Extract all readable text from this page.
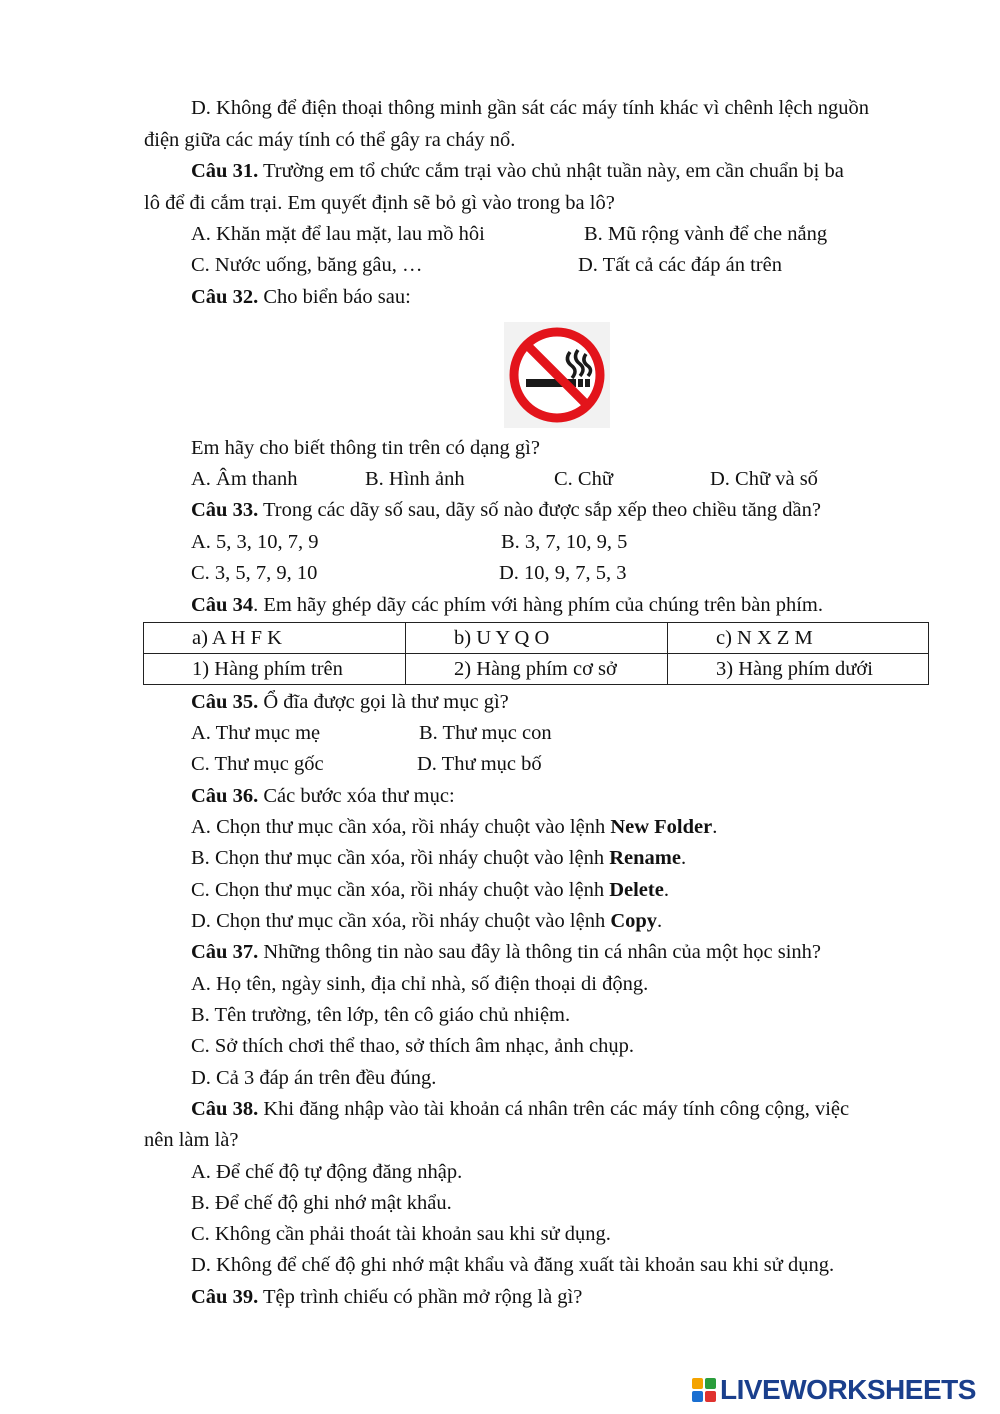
D. Không để điện thoại thông minh gần sát các máy tính khác vì chênh lệch nguồn
điện giữa các máy tính có thể gây ra cháy nổ.
Câu 31. Trường em tổ chức cắm trại vào chủ nhật tuần này, em cần chuẩn bị ba
lô để đi cắm trại. Em quyết định sẽ bỏ gì vào trong ba lô?
A. Khăn mặt để lau mặt, lau mồ hôi	B. Mũ rộng vành để che nắng
C. Nước uống, băng gâu, …	D. Tất cả các đáp án trên
Câu 32. Cho biển báo sau:
Em hãy cho biết thông tin trên có dạng gì?
A. Âm thanh	B. Hình ảnh	C. Chữ	D. Chữ và số
Câu 33. Trong các dãy số sau, dãy số nào được sắp xếp theo chiều tăng dần?
A. 5, 3, 10, 7, 9	B. 3, 7, 10, 9, 5
C. 3, 5, 7, 9, 10	D. 10, 9, 7, 5, 3
Câu 34. Em hãy ghép dãy các phím với hàng phím của chúng trên bàn phím.
a) A H F K	b) U Y Q O	c) N X Z M
1) Hàng phím trên	2) Hàng phím cơ sở	3) Hàng phím dưới
Câu 35. Ổ đĩa được gọi là thư mục gì?
A. Thư mục mẹ	B. Thư mục con
C. Thư mục gốc	D. Thư mục bố
Câu 36. Các bước xóa thư mục:
A. Chọn thư mục cần xóa, rồi nháy chuột vào lệnh New Folder.
B. Chọn thư mục cần xóa, rồi nháy chuột vào lệnh Rename.
C. Chọn thư mục cần xóa, rồi nháy chuột vào lệnh Delete.
D. Chọn thư mục cần xóa, rồi nháy chuột vào lệnh Copy.
Câu 37. Những thông tin nào sau đây là thông tin cá nhân của một học sinh?
A. Họ tên, ngày sinh, địa chỉ nhà, số điện thoại di động.
B. Tên trường, tên lớp, tên cô giáo chủ nhiệm.
C. Sở thích chơi thể thao, sở thích âm nhạc, ảnh chụp.
D. Cả 3 đáp án trên đều đúng.
Câu 38. Khi đăng nhập vào tài khoản cá nhân trên các máy tính công cộng, việc
nên làm là?
A. Để chế độ tự động đăng nhập.
B. Để chế độ ghi nhớ mật khẩu.
C. Không cần phải thoát tài khoản sau khi sử dụng.
D. Không để chế độ ghi nhớ mật khẩu và đăng xuất tài khoản sau khi sử dụng.
Câu 39. Tệp trình chiếu có phần mở rộng là gì?
LIVEWORKSHEETS
